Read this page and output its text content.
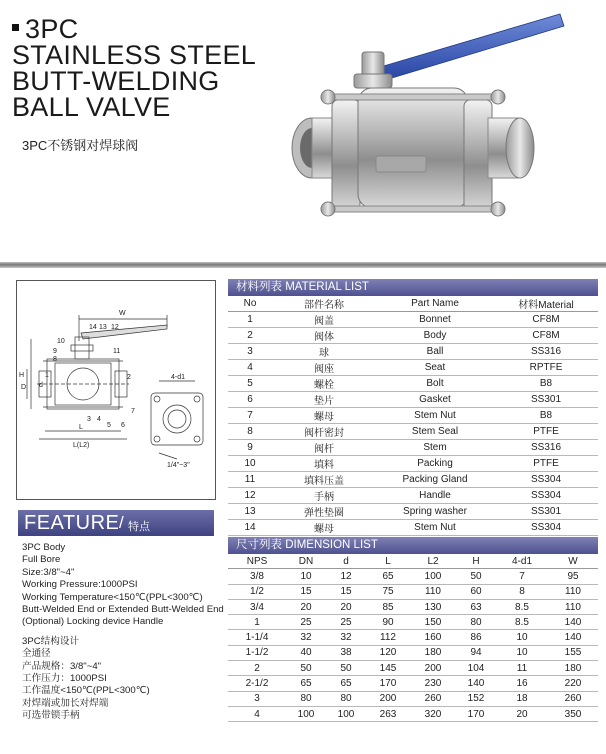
3PC
STAINLESS STEEL
BUTT-WELDING
BALL VALVE
3PC不锈钢对焊球阀
BALL VALVE
W
14 13 12
10
9
8
11
1	2
3 4
5 6
7
H
d
D
L
L(L2)
4-d1
1/4"~3"
FEATURE / 特点
3PC Body
Full Bore
Size:3/8"~4"
Working Pressure:1000PSI
Working Temperature<150℃(PPL<300℃)
Butt-Welded End or Extended Butt-Welded End
(Optional) Locking device Handle
3PC结构设计
全通径
产品规格：3/8"~4"
工作压力：1000PSI
工作温度<150℃(PPL<300℃)
对焊端或加长对焊端
可选带锁手柄
材料列表 MATERIAL LIST
No	部件名称	Part Name	材料Material
1	阀盖	Bonnet	CF8M
2	阀体	Body	CF8M
3	球	Ball	SS316
4	阀座	Seat	RPTFE
5	螺栓	Bolt	B8
6	垫片	Gasket	SS301
7	螺母	Stem Nut	B8
8	阀杆密封	Stem Seal	PTFE
9	阀杆	Stem	SS316
10	填料	Packing	PTFE
11	填料压盖	Packing Gland	SS304
12	手柄	Handle	SS304
13	弹性垫圈	Spring washer	SS301
14	螺母	Stem Nut	SS304
尺寸列表 DIMENSION LIST
NPS	DN	d	L	L2	H	4-d1	W
3/8	10	12	65	100	50	7	95
1/2	15	15	75	110	60	8	110
3/4	20	20	85	130	63	8.5	110
1	25	25	90	150	80	8.5	140
1-1/4	32	32	112	160	86	10	140
1-1/2	40	38	120	180	94	10	155
2	50	50	145	200	104	11	180
2-1/2	65	65	170	230	140	16	220
3	80	80	200	260	152	18	260
4	100	100	263	320	170	20	350
